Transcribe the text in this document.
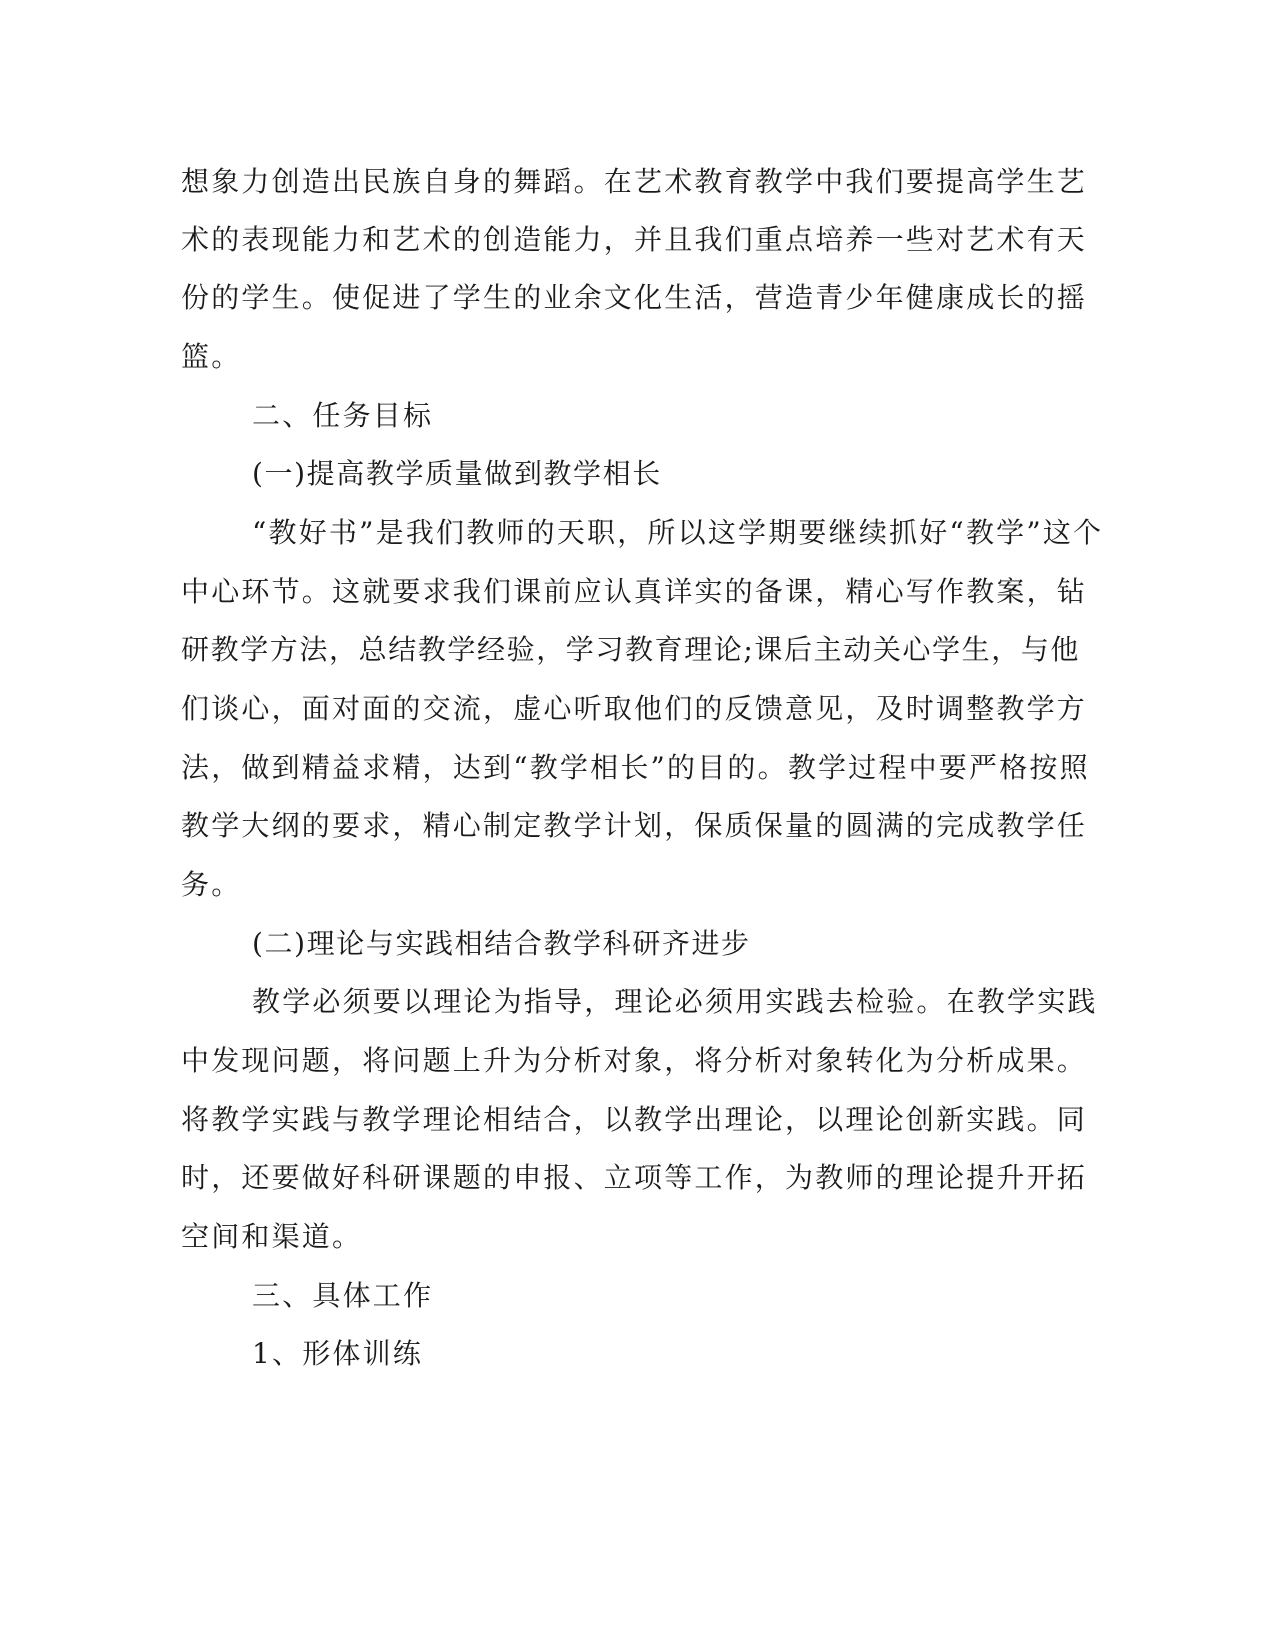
想象力创造出民族自身的舞蹈。在艺术教育教学中我们要提高学生艺
术的表现能力和艺术的创造能力，并且我们重点培养一些对艺术有天
份的学生。使促进了学生的业余文化生活，营造青少年健康成长的摇
篮。
二、任务目标
(一)提高教学质量做到教学相长
“教好书”是我们教师的天职，所以这学期要继续抓好“教学”这个
中心环节。这就要求我们课前应认真详实的备课，精心写作教案，钻
研教学方法，总结教学经验，学习教育理论;课后主动关心学生，与他
们谈心，面对面的交流，虚心听取他们的反馈意见，及时调整教学方
法，做到精益求精，达到“教学相长”的目的。教学过程中要严格按照
教学大纲的要求，精心制定教学计划，保质保量的圆满的完成教学任
务。
(二)理论与实践相结合教学科研齐进步
教学必须要以理论为指导，理论必须用实践去检验。在教学实践
中发现问题，将问题上升为分析对象，将分析对象转化为分析成果。
将教学实践与教学理论相结合，以教学出理论，以理论创新实践。同
时，还要做好科研课题的申报、立项等工作，为教师的理论提升开拓
空间和渠道。
三、具体工作
1、形体训练
